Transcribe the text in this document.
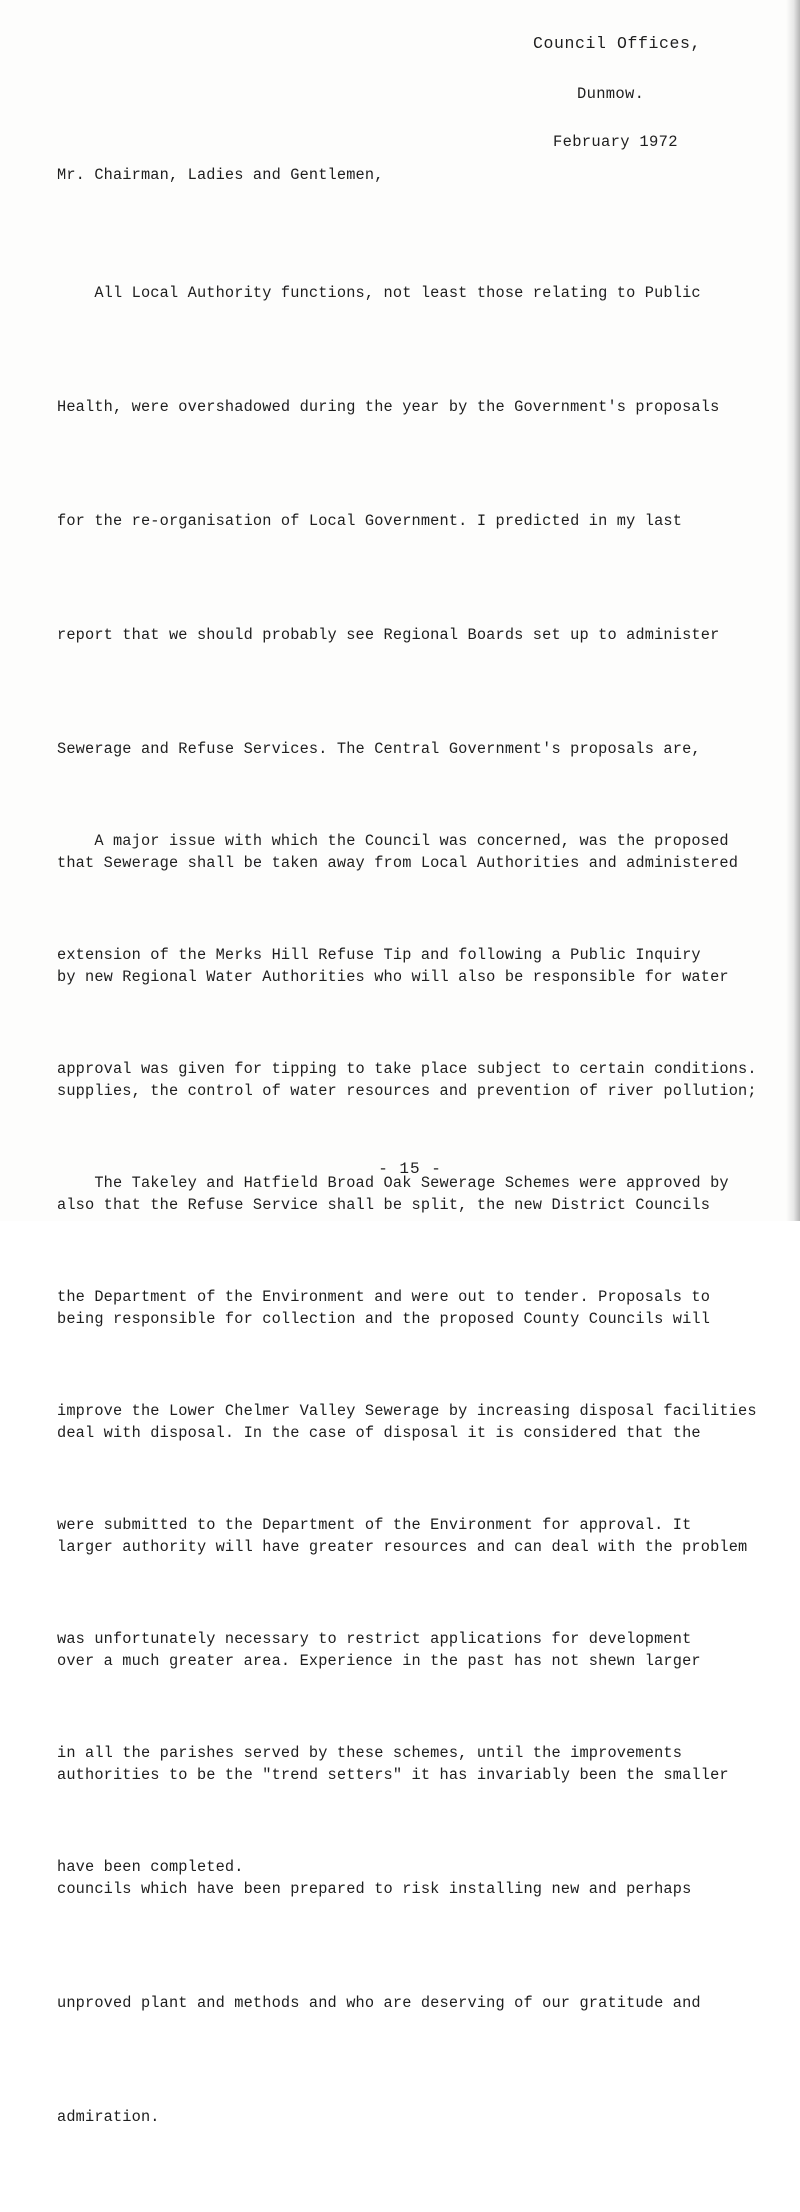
Council Offices,
Dunmow.
February 1972
Mr. Chairman, Ladies and Gentlemen,

All Local Authority functions, not least those relating to Public

Health, were overshadowed during the year by the Government's proposals

for the re-organisation of Local Government. I predicted in my last

report that we should probably see Regional Boards set up to administer

Sewerage and Refuse Services. The Central Government's proposals are,

that Sewerage shall be taken away from Local Authorities and administered

by new Regional Water Authorities who will also be responsible for water

supplies, the control of water resources and prevention of river pollution;

also that the Refuse Service shall be split, the new District Councils

being responsible for collection and the proposed County Councils will

deal with disposal. In the case of disposal it is considered that the

larger authority will have greater resources and can deal with the problem

over a much greater area. Experience in the past has not shewn larger

authorities to be the "trend setters" it has invariably been the smaller

councils which have been prepared to risk installing new and perhaps

unproved plant and methods and who are deserving of our gratitude and

admiration.

A major issue with which the Council was concerned, was the proposed

extension of the Merks Hill Refuse Tip and following a Public Inquiry

approval was given for tipping to take place subject to certain conditions.

The Takeley and Hatfield Broad Oak Sewerage Schemes were approved by

the Department of the Environment and were out to tender. Proposals to

improve the Lower Chelmer Valley Sewerage by increasing disposal facilities

were submitted to the Department of the Environment for approval. It

was unfortunately necessary to restrict applications for development

in all the parishes served by these schemes, until the improvements

have been completed.

- 15 -
